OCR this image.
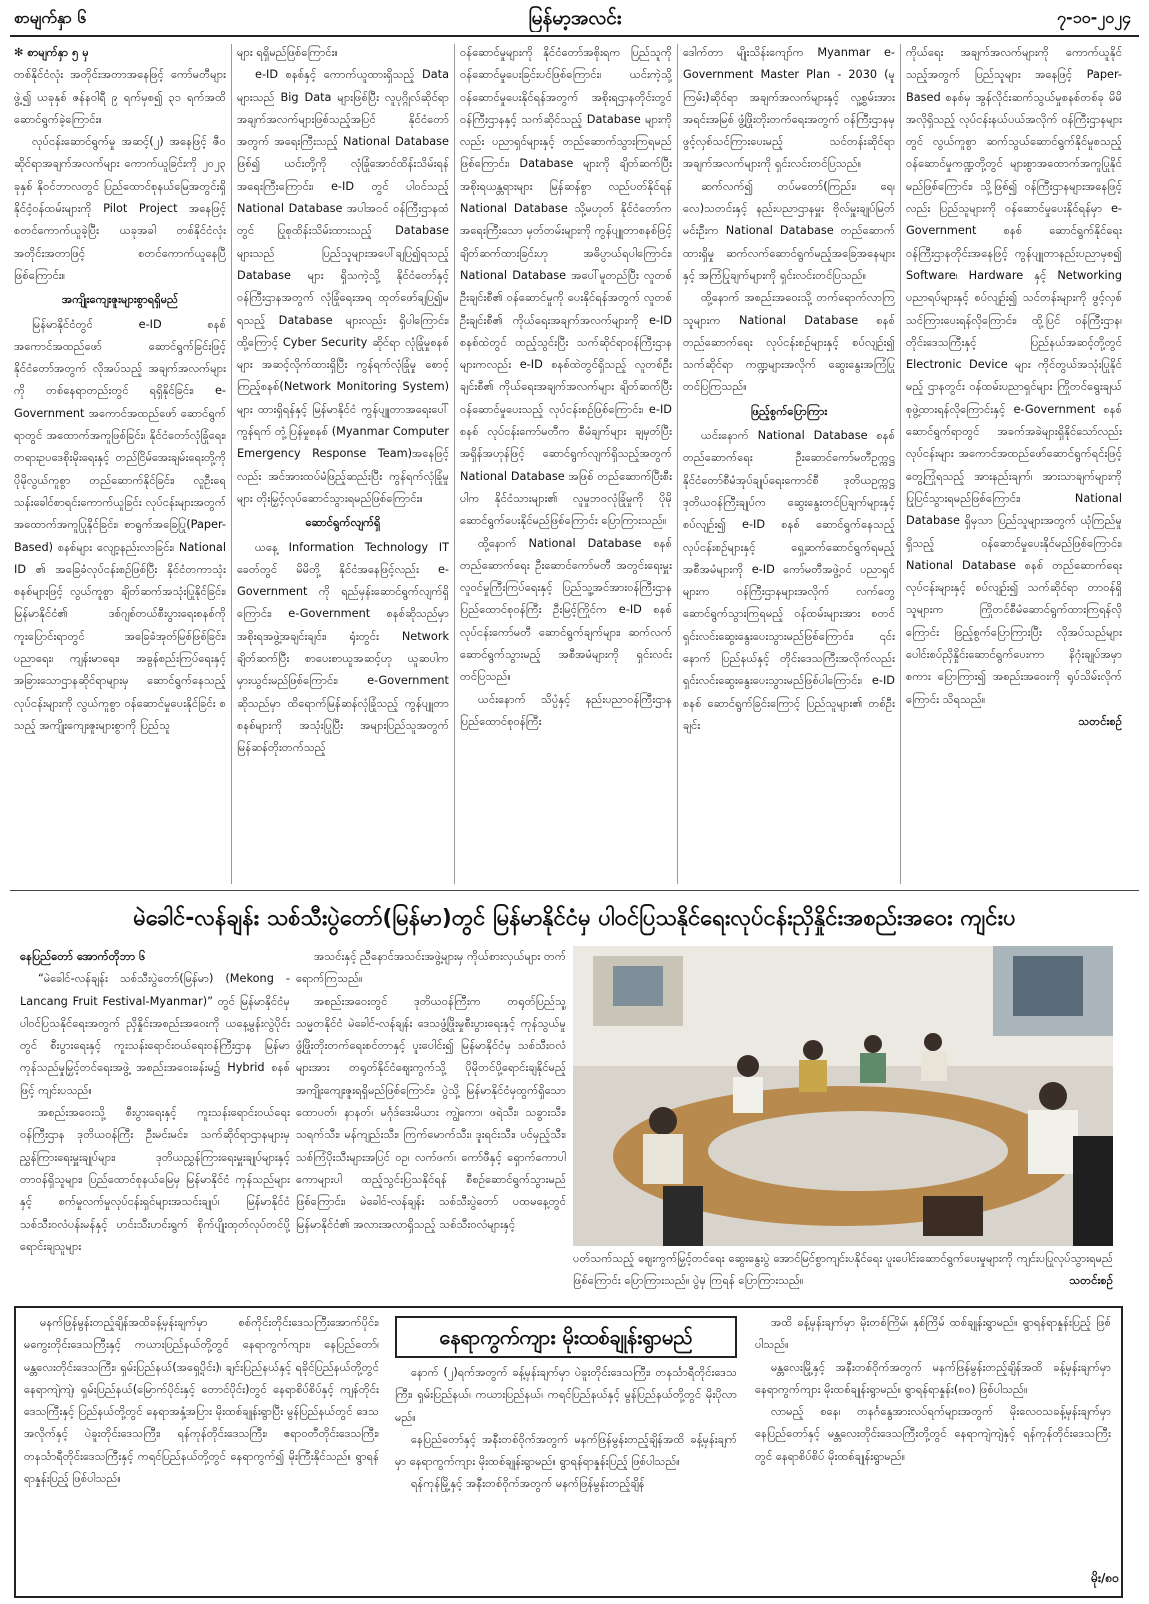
စာမျက်နှာ ၆	မြန်မာ့အလင်း	၇-၁၀-၂၀၂၄

✻ စာမျက်နှာ ၅ မှ

တစ်နိုင်ငံလုံး အတိုင်းအတာအနေဖြင့် ကော်မတီများဖွဲ့၍ ယခုနှစ် ဇန်နဝါရီ ၉ ရက်မှစ၍ ၃၁ ရက်အထိ ဆောင်ရွက်ခဲ့ကြောင်း။

လုပ်ငန်းဆောင်ရွက်မှု အဆင့်(၂) အနေဖြင့် ဇီဝဆိုင်ရာအချက်အလက်များ ကောက်ယူခြင်းကို ၂၀၂၃ ခုနှစ် နိုဝင်ဘာလတွင် ပြည်ထောင်စုနယ်မြေအတွင်းရှိ နိုင်ငံ့ဝန်ထမ်းများကို Pilot Project အနေဖြင့် စတင်ကောက်ယူခဲ့ပြီး ယခုအခါ တစ်နိုင်ငံလုံးအတိုင်းအတာဖြင့် စတင်ကောက်ယူနေပြီဖြစ်ကြောင်း။

အကျိုးကျေးဇူးများစွာရရှိမည်

မြန်မာနိုင်ငံတွင် e-ID စနစ် အကောင်အထည်ဖော် ဆောင်ရွက်ခြင်းဖြင့် နိုင်ငံတော်အတွက် လိုအပ်သည့် အချက်အလက်များကို တစ်နေရာတည်းတွင် ရရှိနိုင်ခြင်း၊ e-Government အကောင်အထည်ဖော် ဆောင်ရွက်ရာတွင် အထောက်အကူဖြစ်ခြင်း၊ နိုင်ငံတော်လုံခြုံရေး၊ တရားဥပဒေစိုးမိုးရေးနှင့် တည်ငြိမ်အေးချမ်းရေးတို့ကို ပိုမိုလွယ်ကူစွာ တည်ဆောက်နိုင်ခြင်း၊ လူဦးရေ သန်းခေါင်စာရင်းကောက်ယူခြင်း လုပ်ငန်းများအတွက် အထောက်အကူပြုနိုင်ခြင်း၊ စာရွက်အခြေပြု(Paper-Based) စနစ်များ လျော့နည်းလာခြင်း၊ National ID ၏ အခြေခံလုပ်ငန်းစဉ်ဖြစ်ပြီး နိုင်ငံတကာသုံး စနစ်များဖြင့် လွယ်ကူစွာ ချိတ်ဆက်အသုံးပြုနိုင်ခြင်း၊ မြန်မာနိုင်ငံ၏ ဒစ်ဂျစ်တယ်စီးပွားရေးစနစ်ကို ကူးပြောင်းရာတွင် အခြေခံအုတ်မြစ်ဖြစ်ခြင်း၊ ပညာရေး၊ ကျန်းမာရေး၊ အခွန်စည်းကြပ်ရေးနှင့် အခြားသောဌာနဆိုင်ရာများမှ ဆောင်ရွက်နေသည့် လုပ်ငန်းများကို လွယ်ကူစွာ ဝန်ဆောင်မှုပေးနိုင်ခြင်း စသည့် အကျိုးကျေးဇူးများစွာကို ပြည်သူ

များ ရရှိမည်ဖြစ်ကြောင်း။

e-ID စနစ်နှင့် ကောက်ယူထားရှိသည့် Data များသည် Big Data များဖြစ်ပြီး လူပုဂ္ဂိုလ်ဆိုင်ရာ အချက်အလက်များဖြစ်သည့်အပြင် နိုင်ငံတော်အတွက် အရေးကြီးသည့် National Database ဖြစ်၍ ယင်းတို့ကို လုံခြုံအောင်ထိန်းသိမ်းရန် အရေးကြီးကြောင်း၊ e-ID တွင် ပါဝင်သည့် National Database အပါအဝင် ဝန်ကြီးဌာနထံတွင် ပြုစုထိန်းသိမ်းထားသည့် Database များသည် ပြည်သူများအပေါ်ချပြ၍ရသည့် Database များ ရှိသကဲ့သို့ နိုင်ငံတော်နှင့် ဝန်ကြီးဌာနအတွက် လုံခြုံရေးအရ ထုတ်ဖော်ချပြ၍မရသည့် Database များလည်း ရှိပါကြောင်း၊ ထို့ကြောင့် Cyber Security ဆိုင်ရာ လုံခြုံမှုစနစ်များ အဆင့်လိုက်ထားရှိပြီး ကွန်ရက်လုံခြုံမှု စောင့်ကြည့်စနစ်(Network Monitoring System) များ ထားရှိရန်နှင့် မြန်မာနိုင်ငံ ကွန်ပျူတာအရေးပေါ်ကွန်ရက် တုံ့ပြန်မှုစနစ် (Myanmar Computer Emergency Response Team)အနေဖြင့်လည်း အင်အားထပ်မံဖြည့်ဆည်းပြီး ကွန်ရက်လုံခြုံမှုများ တိုးမြှင့်လုပ်ဆောင်သွားရမည်ဖြစ်ကြောင်း။

ဆောင်ရွက်လျက်ရှိ

ယနေ့ Information Technology IT ခေတ်တွင် မိမိတို့ နိုင်ငံအနေဖြင့်လည်း e-Government ကို ရည်မှန်းဆောင်ရွက်လျက်ရှိကြောင်း၊ e-Government စနစ်ဆိုသည်မှာ အစိုးရအဖွဲ့အချင်းချင်း၊ ရုံးတွင်း Network ချိတ်ဆက်ပြီး စာပေးစာယူအဆင့်ဟု ယူဆပါက မှားယွင်းမည်ဖြစ်ကြောင်း၊ e-Government ဆိုသည်မှာ ထိရောက်မြန်ဆန်လုံခြုံသည့် ကွန်ပျူတာစနစ်များကို အသုံးပြုပြီး အများပြည်သူအတွက် မြန်ဆန်တိုးတက်သည့်

ဝန်ဆောင်မှုများကို နိုင်ငံတော်အစိုးရက ပြည်သူကို ဝန်ဆောင်မှုပေးခြင်းပင်ဖြစ်ကြောင်း၊ ယင်းကဲ့သို့ ဝန်ဆောင်မှုပေးနိုင်ရန်အတွက် အစိုးရဌာနတိုင်းတွင် ဝန်ကြီးဌာနနှင့် သက်ဆိုင်သည့် Database များကိုလည်း ပညာရှင်များနှင့် တည်ဆောက်သွားကြရမည်ဖြစ်ကြောင်း၊ Database များကို ချိတ်ဆက်ပြီး အစိုးရယန္တရားများ မြန်ဆန်စွာ လည်ပတ်နိုင်ရန် National Database သို့မဟုတ် နိုင်ငံတော်က အရေးကြီးသော မှတ်တမ်းများကို ကွန်ပျူတာစနစ်ဖြင့် ချိတ်ဆက်ထားခြင်းဟု အဓိပ္ပာယ်ရပါကြောင်း၊ National Database အပေါ်မူတည်ပြီး လူတစ်ဦးချင်းစီ၏ ဝန်ဆောင်မှုကို ပေးနိုင်ရန်အတွက် လူတစ်ဦးချင်းစီ၏ ကိုယ်ရေးအချက်အလက်များကို e-ID စနစ်ထဲတွင် ထည့်သွင်းပြီး သက်ဆိုင်ရာဝန်ကြီးဌာနများကလည်း e-ID စနစ်ထဲတွင်ရှိသည့် လူတစ်ဦးချင်းစီ၏ ကိုယ်ရေးအချက်အလက်များ ချိတ်ဆက်ပြီး ဝန်ဆောင်မှုပေးသည့် လုပ်ငန်းစဉ်ဖြစ်ကြောင်း၊ e-ID စနစ် လုပ်ငန်းကော်မတီက စီမံချက်များ ချမှတ်ပြီး အရှိန်အဟုန်ဖြင့် ဆောင်ရွက်လျက်ရှိသည့်အတွက် National Database အဖြစ် တည်ဆောက်ပြီးစီးပါက နိုင်ငံသားများ၏ လူမှုဘဝလုံခြုံမှုကို ပိုမိုဆောင်ရွက်ပေးနိုင်မည်ဖြစ်ကြောင်း ပြောကြားသည်။

ထို့နောက် National Database စနစ် တည်ဆောက်ရေး ဦးဆောင်ကော်မတီ အတွင်းရေးမှူး လူဝင်မှုကြီးကြပ်ရေးနှင့် ပြည်သူ့အင်အားဝန်ကြီးဌာန ပြည်ထောင်စုဝန်ကြီး ဦးမြင့်ကြိုင်က e-ID စနစ် လုပ်ငန်းကော်မတီ ဆောင်ရွက်ချက်များ၊ ဆက်လက်ဆောင်ရွက်သွားမည့် အစီအမံများကို ရှင်းလင်းတင်ပြသည်။

ယင်းနောက် သိပ္ပံနှင့် နည်းပညာဝန်ကြီးဌာန ပြည်ထောင်စုဝန်ကြီး

ဒေါက်တာ မျိုးသိန်းကျော်က Myanmar e-Government Master Plan - 2030 (မူကြမ်း)ဆိုင်ရာ အချက်အလက်များနှင့် လူ့စွမ်းအားအရင်းအမြစ် ဖွံ့ဖြိုးတိုးတက်ရေးအတွက် ဝန်ကြီးဌာနမှ ဖွင့်လှစ်သင်ကြားပေးမည့် သင်တန်းဆိုင်ရာ အချက်အလက်များကို ရှင်းလင်းတင်ပြသည်။

ဆက်လက်၍ တပ်မတော်(ကြည်း၊ ရေ၊ လေ)သတင်းနှင့် နည်းပညာဌာနမှူး ဗိုလ်မှူးချုပ်မြတ်မင်းဦးက National Database တည်ဆောက်ထားရှိမှု ဆက်လက်ဆောင်ရွက်မည့်အခြေအနေများနှင့် အကြံပြုချက်များကို ရှင်းလင်းတင်ပြသည်။

ထို့နောက် အစည်းအဝေးသို့ တက်ရောက်လာကြသူများက National Database စနစ် တည်ဆောက်ရေး လုပ်ငန်းစဉ်များနှင့် စပ်လျဉ်း၍ သက်ဆိုင်ရာ ကဏ္ဍများအလိုက် ဆွေးနွေးအကြံပြုတင်ပြကြသည်။

ဖြည့်စွက်ပြောကြား

ယင်းနောက် National Database စနစ်တည်ဆောက်ရေး ဦးဆောင်ကော်မတီဥက္ကဋ္ဌ နိုင်ငံတော်စီမံအုပ်ချုပ်ရေးကောင်စီ ဒုတိယဥက္ကဋ္ဌ ဒုတိယဝန်ကြီးချုပ်က ဆွေးနွေးတင်ပြချက်များနှင့် စပ်လျဉ်း၍ e-ID စနစ် ဆောင်ရွက်နေသည့် လုပ်ငန်းစဉ်များနှင့် ရှေ့ဆက်ဆောင်ရွက်ရမည့် အစီအမံများကို e-ID ကော်မတီအဖွဲ့ဝင် ပညာရှင်များက ဝန်ကြီးဌာနများအလိုက် လက်တွေ့ ဆောင်ရွက်သွားကြရမည့် ဝန်ထမ်းများအား စတင်ရှင်းလင်းဆွေးနွေးပေးသွားမည်ဖြစ်ကြောင်း၊ ၎င်းနောက် ပြည်နယ်နှင့် တိုင်းဒေသကြီးအလိုက်လည်း ရှင်းလင်းဆွေးနွေးပေးသွားမည်ဖြစ်ပါကြောင်း၊ e-ID စနစ် ဆောင်ရွက်ခြင်းကြောင့် ပြည်သူများ၏ တစ်ဦးချင်း

ကိုယ်ရေး အချက်အလက်များကို ကောက်ယူနိုင်သည့်အတွက် ပြည်သူများ အနေဖြင့် Paper-Based စနစ်မှ အွန်လိုင်းဆက်သွယ်မှုစနစ်တစ်ခု မိမိအလိုရှိသည့် လုပ်ငန်းနယ်ပယ်အလိုက် ဝန်ကြီးဌာနများတွင် လွယ်ကူစွာ ဆက်သွယ်ဆောင်ရွက်နိုင်မှုစသည့် ဝန်ဆောင်မှုကဏ္ဍတို့တွင် များစွာအထောက်အကူပြုနိုင်မည်ဖြစ်ကြောင်း၊ သို့ဖြစ်၍ ဝန်ကြီးဌာနများအနေဖြင့်လည်း ပြည်သူများကို ဝန်ဆောင်မှုပေးနိုင်ရန်မှာ e-Government စနစ် ဆောင်ရွက်နိုင်ရေး ဝန်ကြီးဌာနတိုင်းအနေဖြင့် ကွန်ပျူတာနည်းပညာမှစ၍ Software၊ Hardware နှင့် Networking ပညာရပ်များနှင့် စပ်လျဉ်း၍ သင်တန်းများကို ဖွင့်လှစ်သင်ကြားပေးရန်လိုကြောင်း၊ ထို့ပြင် ဝန်ကြီးဌာန၊ တိုင်းဒေသကြီးနှင့် ပြည်နယ်အဆင့်တို့တွင် Electronic Device များ ကိုင်တွယ်အသုံးပြုနိုင်မည့် ဌာနတွင်း ဝန်ထမ်းပညာရှင်များ ကြိုတင်ရွေးချယ်စုဖွဲ့ထားရန်လိုကြောင်းနှင့် e-Government စနစ် ဆောင်ရွက်ရာတွင် အခက်အခဲများရှိနိုင်သော်လည်း လုပ်ငန်းများ အကောင်အထည်ဖော်ဆောင်ရွက်ရင်းဖြင့် တွေ့ကြုံရသည့် အားနည်းချက်၊ အားသာချက်များကို ပြုပြင်သွားရမည်ဖြစ်ကြောင်း၊ National Database ရှိမှသာ ပြည်သူများအတွက် ယုံကြည်မှုရှိသည့် ဝန်ဆောင်မှုပေးနိုင်မည်ဖြစ်ကြောင်း၊ National Database စနစ် တည်ဆောက်ရေးလုပ်ငန်းများနှင့် စပ်လျဉ်း၍ သက်ဆိုင်ရာ တာဝန်ရှိသူများက ကြိုတင်စီမံဆောင်ရွက်ထားကြရန်လိုကြောင်း ဖြည့်စွက်ပြောကြားပြီး လိုအပ်သည်များ ပေါင်းစပ်ညှိနှိုင်းဆောင်ရွက်ပေးကာ နိဂုံးချုပ်အမှာစကား ပြောကြား၍ အစည်းအဝေးကို ရုပ်သိမ်းလိုက်ကြောင်း သိရသည်။

သတင်းစဉ်
မဲခေါင်-လန်ချန်း သစ်သီးပွဲတော်(မြန်မာ)တွင် မြန်မာနိုင်ငံမှ ပါဝင်ပြသနိုင်ရေးလုပ်ငန်းညှိနှိုင်းအစည်းအဝေး ကျင်းပ

နေပြည်တော် အောက်တိုဘာ ၆

“မဲခေါင်-လန်ချန်း သစ်သီးပွဲတော်(မြန်မာ) (Mekong - Lancang Fruit Festival-Myanmar)” တွင် မြန်မာနိုင်ငံမှ ပါဝင်ပြသနိုင်ရေးအတွက် ညှိနှိုင်းအစည်းအဝေးကို ယနေ့မွန်းလွဲပိုင်းတွင် စီးပွားရေးနှင့် ကူးသန်းရောင်းဝယ်ရေးဝန်ကြီးဌာန မြန်မာကုန်သည်မှုမြှင့်တင်ရေးအဖွဲ့ အစည်းအဝေးခန်းမ၌ Hybrid စနစ်ဖြင့် ကျင်းပသည်။

အစည်းအဝေးသို့ စီးပွားရေးနှင့် ကူးသန်းရောင်းဝယ်ရေးဝန်ကြီးဌာန ဒုတိယဝန်ကြီး ဦးမင်းမင်း၊ သက်ဆိုင်ရာဌာနများမှ ညွှန်ကြားရေးမှူးချုပ်များ၊ ဒုတိယညွှန်ကြားရေးမှူးချုပ်များနှင့် တာဝန်ရှိသူများ၊ ပြည်ထောင်စုနယ်မြေမှ မြန်မာနိုင်ငံ ကုန်သည်များနှင့် စက်မှုလက်မှုလုပ်ငန်းရှင်များအသင်းချုပ်၊ မြန်မာနိုင်ငံ သစ်သီးဝလံပန်းမန်နှင့် ဟင်းသီးဟင်းရွက် စိုက်ပျိုးထုတ်လုပ်တင်ပို့ ရောင်းချသူများ

အသင်းနှင့် ညီနောင်အသင်းအဖွဲ့များမှ ကိုယ်စားလှယ်များ တက်ရောက်ကြသည်။

အစည်းအဝေးတွင် ဒုတိယဝန်ကြီးက တရုတ်ပြည်သူ့သမ္မတနိုင်ငံ မဲခေါင်-လန်ချန်း ဒေသဖွံ့ဖြိုးမှုစီးပွားရေးနှင့် ကုန်သွယ်မှုဖွံ့ဖြိုးတိုးတက်ရေးစင်တာနှင့် ပူးပေါင်း၍ မြန်မာနိုင်ငံမှ သစ်သီးဝလံများအား တရုတ်နိုင်ငံဈေးကွက်သို့ ပိုမိုတင်ပို့ရောင်းချနိုင်မည့် အကျိုးကျေးဇူးရရှိမည်ဖြစ်ကြောင်း၊ ပွဲသို့ မြန်မာနိုင်ငံမှထွက်ရှိသော ထောပတ်၊ နာနတ်၊ မင်္ဂုဒ်ဒေးမိယား ကျွဲကော၊ ဖရဲသီး၊ သခွားသီး၊ သရက်သီး၊ မန်ကျည်းသီး၊ ကြက်မောက်သီး၊ ဒူးရင်းသီး၊ ပင်မှည့်သီး၊ သစ်ကြံပိုးသီးများအပြင် ဝဥ၊ လက်ဖက်၊ ကော်ဖီနှင့် ရှောက်ကောပါကောများပါ ထည့်သွင်းပြသနိုင်ရန် စီစဉ်ဆောင်ရွက်သွားမည်ဖြစ်ကြောင်း၊ မဲခေါင်-လန်ချန်း သစ်သီးပွဲတော် ပထမနေ့တွင် မြန်မာနိုင်ငံ၏ အလားအလာရှိသည့် သစ်သီးဝလံများနှင့်

ပတ်သက်သည့် ဈေးကွက်မြှင့်တင်ရေး ဆွေးနွေးပွဲ အောင်မြင်စွာကျင်းပနိုင်ရေး ပူးပေါင်းဆောင်ရွက်ပေးမှုများကို ကျင်းပပြုလုပ်သွားရမည်ဖြစ်ကြောင်း ပြောကြားသည်။ ပွဲမှ ကြရန် ပြောကြားသည်။	သတင်းစဉ်
နေရာကွက်ကျား မိုးထစ်ချုန်းရွာမည်

မနက်ဖြန်မွန်းတည့်ချိန်အထိခန့်မှန်းချက်မှာ စစ်ကိုင်းတိုင်းဒေသကြီးအောက်ပိုင်း၊ မကွေးတိုင်းဒေသကြီးနှင့် ကယားပြည်နယ်တို့တွင် နေရာကွက်ကျား၊ နေပြည်တော်၊ မန္တလေးတိုင်းဒေသကြီး၊ ရှမ်းပြည်နယ်(အရှေ့ပိုင်း)၊ ချင်းပြည်နယ်နှင့် ရခိုင်ပြည်နယ်တို့တွင် နေရာကျဲကျဲ၊ ရှမ်းပြည်နယ်(မြောက်ပိုင်းနှင့် တောင်ပိုင်း)တွင် နေရာစိပ်စိပ်နှင့် ကျန်တိုင်းဒေသကြီးနှင့် ပြည်နယ်တို့တွင် နေရာအနှံ့အပြား မိုးထစ်ချုန်းရွာပြီး မွန်ပြည်နယ်တွင် ဒေသအလိုက်နှင့် ပဲခူးတိုင်းဒေသကြီး၊ ရန်ကုန်တိုင်းဒေသကြီး၊ ဧရာဝတီတိုင်းဒေသကြီး၊ တနင်္သာရီတိုင်းဒေသကြီးနှင့် ကရင်ပြည်နယ်တို့တွင် နေရာကွက်၍ မိုးကြီးနိုင်သည်။ ရွာရန်ရာနှုန်းပြည့် ဖြစ်ပါသည်။

နောက် (၂)ရက်အတွက် ခန့်မှန်းချက်မှာ ပဲခူးတိုင်းဒေသကြီး၊ တနင်္သာရီတိုင်းဒေသကြီး၊ ရှမ်းပြည်နယ်၊ ကယားပြည်နယ်၊ ကရင်ပြည်နယ်နှင့် မွန်ပြည်နယ်တို့တွင် မိုးပိုလာမည်။

နေပြည်တော်နှင့် အနီးတစ်ဝိုက်အတွက် မနက်ဖြန်မွန်းတည့်ချိန်အထိ ခန့်မှန်းချက်မှာ နေရာကွက်ကျား မိုးထစ်ချုန်းရွာမည်။ ရွာရန်ရာနှုန်းပြည့် ဖြစ်ပါသည်။

ရန်ကုန်မြို့နှင့် အနီးတစ်ဝိုက်အတွက် မနက်ဖြန်မွန်းတည့်ချိန်

အထိ ခန့်မှန်းချက်မှာ မိုးတစ်ကြိမ်၊ နှစ်ကြိမ် ထစ်ချုန်းရွာမည်။ ရွာရန်ရာနှုန်းပြည့် ဖြစ်ပါသည်။

မန္တလေးမြို့နှင့် အနီးတစ်ဝိုက်အတွက် မနက်ဖြန်မွန်းတည့်ချိန်အထိ ခန့်မှန်းချက်မှာ နေရာကွက်ကျား မိုးထစ်ချုန်းရွာမည်။ ရွာရန်ရာနှုန်း(၈၀) ဖြစ်ပါသည်။

လာမည့် စနေ၊ တနင်္ဂနွေအားလပ်ရက်များအတွက် မိုးလေဝသခန့်မှန်းချက်မှာ နေပြည်တော်နှင့် မန္တလေးတိုင်းဒေသကြီးတို့တွင် နေရာကျဲကျဲနှင့် ရန်ကုန်တိုင်းဒေသကြီးတွင် နေရာစိပ်စိပ် မိုးထစ်ချုန်းရွာမည်။

မိုး/၈၀
